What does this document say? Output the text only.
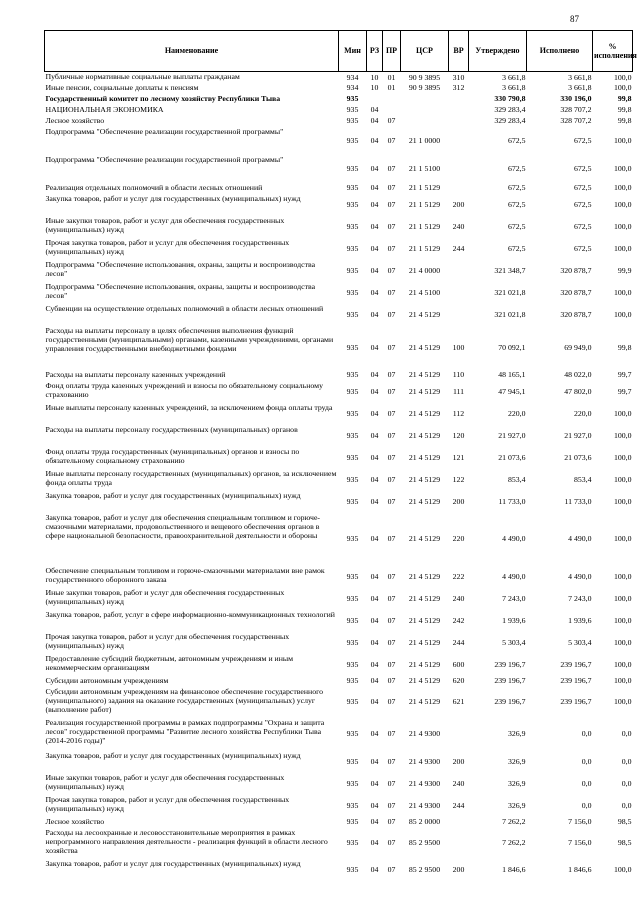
87
Наименование	Мин	РЗ	ПР	ЦСР	ВР	Утверждено	Исполнено	% исполнения
Публичные нормативные социальные выплаты гражданам	934	10	01	90 9 3895	310	3 661,8	3 661,8	100,0
Иные пенсии, социальные доплаты к пенсиям	934	10	01	90 9 3895	312	3 661,8	3 661,8	100,0
Государственный комитет по лесному хозяйству Республики Тыва	935					330 790,8	330 196,0	99,8
НАЦИОНАЛЬНАЯ ЭКОНОМИКА	935	04				329 283,4	328 707,2	99,8
Лесное хозяйство	935	04	07			329 283,4	328 707,2	99,8
Подпрограмма "Обеспечение реализации государственной программы"	935	04	07	21 1 0000		672,5	672,5	100,0
Подпрограмма "Обеспечение реализации государственной программы"	935	04	07	21 1 5100		672,5	672,5	100,0
Реализация отдельных полномочий в области лесных отношений	935	04	07	21 1 5129		672,5	672,5	100,0
Закупка товаров, работ и услуг для государственных (муниципальных) нужд	935	04	07	21 1 5129	200	672,5	672,5	100,0
Иные закупки товаров, работ и услуг для обеспечения государственных (муниципальных) нужд	935	04	07	21 1 5129	240	672,5	672,5	100,0
Прочая закупка товаров, работ и услуг для обеспечения государственных (муниципальных) нужд	935	04	07	21 1 5129	244	672,5	672,5	100,0
Подпрограмма "Обеспечение использования, охраны, защиты и воспроизводства лесов"	935	04	07	21 4 0000		321 348,7	320 878,7	99,9
Подпрограмма "Обеспечение использования, охраны, защиты и воспроизводства лесов"	935	04	07	21 4 5100		321 021,8	320 878,7	100,0
Субвенции на осуществление отдельных полномочий в области лесных отношений	935	04	07	21 4 5129		321 021,8	320 878,7	100,0
Расходы на выплаты персоналу в целях обеспечения выполнения функций государственными (муниципальными) органами, казенными учреждениями, органами управления государственными внебюджетными фондами	935	04	07	21 4 5129	100	70 092,1	69 949,0	99,8
Расходы на выплаты персоналу казенных учреждений	935	04	07	21 4 5129	110	48 165,1	48 022,0	99,7
Фонд оплаты труда казенных учреждений и взносы по обязательному социальному страхованию	935	04	07	21 4 5129	111	47 945,1	47 802,0	99,7
Иные выплаты персоналу казенных учреждений, за исключением фонда оплаты труда	935	04	07	21 4 5129	112	220,0	220,0	100,0
Расходы на выплаты персоналу государственных (муниципальных) органов	935	04	07	21 4 5129	120	21 927,0	21 927,0	100,0
Фонд оплаты труда государственных (муниципальных) органов и взносы по обязательному социальному страхованию	935	04	07	21 4 5129	121	21 073,6	21 073,6	100,0
Иные выплаты персоналу государственных (муниципальных) органов, за исключением фонда оплаты труда	935	04	07	21 4 5129	122	853,4	853,4	100,0
Закупка товаров, работ и услуг для государственных (муниципальных) нужд	935	04	07	21 4 5129	200	11 733,0	11 733,0	100,0
Закупка товаров, работ и услуг для обеспечения специальным топливом и горюче-смазочными материалами, продовольственного и вещевого обеспечения органов в сфере национальной безопасности, правоохранительной деятельности и обороны	935	04	07	21 4 5129	220	4 490,0	4 490,0	100,0
Обеспечение специальным топливом и горюче-смазочными материалами вне рамок государственного оборонного заказа	935	04	07	21 4 5129	222	4 490,0	4 490,0	100,0
Иные закупки товаров, работ и услуг для обеспечения государственных (муниципальных) нужд	935	04	07	21 4 5129	240	7 243,0	7 243,0	100,0
Закупка товаров, работ, услуг в сфере информационно-коммуникационных технологий	935	04	07	21 4 5129	242	1 939,6	1 939,6	100,0
Прочая закупка товаров, работ и услуг для обеспечения государственных (муниципальных) нужд	935	04	07	21 4 5129	244	5 303,4	5 303,4	100,0
Предоставление субсидий бюджетным, автономным учреждениям и иным некоммерческим организациям	935	04	07	21 4 5129	600	239 196,7	239 196,7	100,0
Субсидии автономным учреждениям	935	04	07	21 4 5129	620	239 196,7	239 196,7	100,0
Субсидии автономным учреждениям на финансовое обеспечение государственного (муниципального) задания на оказание государственных (муниципальных) услуг (выполнение работ)	935	04	07	21 4 5129	621	239 196,7	239 196,7	100,0
Реализация государственной программы в рамках подпрограммы "Охрана и защита лесов" государственной программы "Развитие лесного хозяйства Республики Тыва (2014-2016 годы)"	935	04	07	21 4 9300		326,9	0,0	0,0
Закупка товаров, работ и услуг для государственных (муниципальных) нужд	935	04	07	21 4 9300	200	326,9	0,0	0,0
Иные закупки товаров, работ и услуг для обеспечения государственных (муниципальных) нужд	935	04	07	21 4 9300	240	326,9	0,0	0,0
Прочая закупка товаров, работ и услуг для обеспечения государственных (муниципальных) нужд	935	04	07	21 4 9300	244	326,9	0,0	0,0
Лесное хозяйство	935	04	07	85 2 0000		7 262,2	7 156,0	98,5
Расходы на лесоохранные и лесовосстановительные мероприятия в рамках непрограммного направления деятельности - реализация функций в области лесного хозяйства	935	04	07	85 2 9500		7 262,2	7 156,0	98,5
Закупка товаров, работ и услуг для государственных (муниципальных) нужд	935	04	07	85 2 9500	200	1 846,6	1 846,6	100,0
